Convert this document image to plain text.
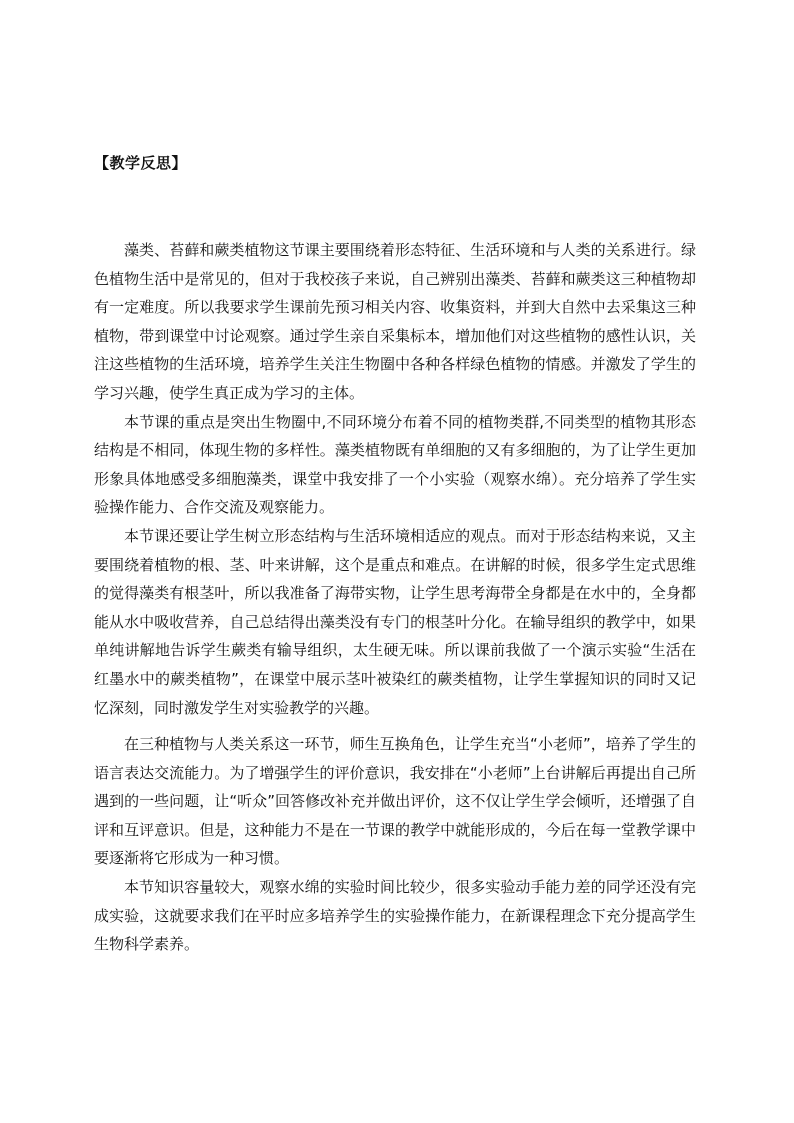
【教学反思】

藻类、苔藓和蕨类植物这节课主要围绕着形态特征、生活环境和与人类的关系进行。绿色植物生活中是常见的，但对于我校孩子来说，自己辨别出藻类、苔藓和蕨类这三种植物却有一定难度。所以我要求学生课前先预习相关内容、收集资料，并到大自然中去采集这三种植物，带到课堂中讨论观察。通过学生亲自采集标本，增加他们对这些植物的感性认识，关注这些植物的生活环境，培养学生关注生物圈中各种各样绿色植物的情感。并激发了学生的学习兴趣，使学生真正成为学习的主体。

本节课的重点是突出生物圈中,不同环境分布着不同的植物类群,不同类型的植物其形态结构是不相同，体现生物的多样性。藻类植物既有单细胞的又有多细胞的，为了让学生更加形象具体地感受多细胞藻类，课堂中我安排了一个小实验（观察水绵）。充分培养了学生实验操作能力、合作交流及观察能力。

本节课还要让学生树立形态结构与生活环境相适应的观点。而对于形态结构来说，又主要围绕着植物的根、茎、叶来讲解，这个是重点和难点。在讲解的时候，很多学生定式思维的觉得藻类有根茎叶，所以我准备了海带实物，让学生思考海带全身都是在水中的，全身都能从水中吸收营养，自己总结得出藻类没有专门的根茎叶分化。在输导组织的教学中，如果单纯讲解地告诉学生蕨类有输导组织，太生硬无味。所以课前我做了一个演示实验“生活在红墨水中的蕨类植物”，在课堂中展示茎叶被染红的蕨类植物，让学生掌握知识的同时又记忆深刻，同时激发学生对实验教学的兴趣。

在三种植物与人类关系这一环节，师生互换角色，让学生充当“小老师”，培养了学生的语言表达交流能力。为了增强学生的评价意识，我安排在“小老师”上台讲解后再提出自己所遇到的一些问题，让“听众”回答修改补充并做出评价，这不仅让学生学会倾听，还增强了自评和互评意识。但是，这种能力不是在一节课的教学中就能形成的，今后在每一堂教学课中要逐渐将它形成为一种习惯。

本节知识容量较大，观察水绵的实验时间比较少，很多实验动手能力差的同学还没有完成实验，这就要求我们在平时应多培养学生的实验操作能力，在新课程理念下充分提高学生生物科学素养。
